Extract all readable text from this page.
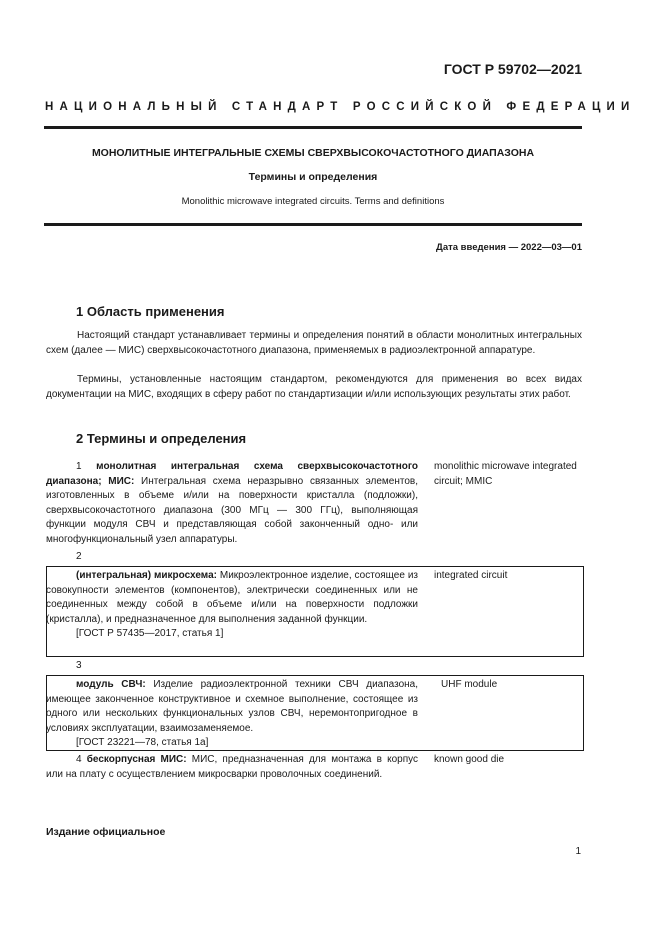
ГОСТ Р 59702—2021
НАЦИОНАЛЬНЫЙ СТАНДАРТ РОССИЙСКОЙ ФЕДЕРАЦИИ
МОНОЛИТНЫЕ ИНТЕГРАЛЬНЫЕ СХЕМЫ СВЕРХВЫСОКОЧАСТОТНОГО ДИАПАЗОНА
Термины и определения
Monolithic microwave integrated circuits. Terms and definitions
Дата введения — 2022—03—01
1 Область применения
Настоящий стандарт устанавливает термины и определения понятий в области монолитных интегральных схем (далее — МИС) сверхвысокочастотного диапазона, применяемых в радиоэлектронной аппаратуре.
Термины, установленные настоящим стандартом, рекомендуются для применения во всех видах документации на МИС, входящих в сферу работ по стандартизации и/или использующих результаты этих работ.
2 Термины и определения
1 монолитная интегральная схема сверхвысокочастотного диапазона; МИС: Интегральная схема неразрывно связанных элементов, изготовленных в объеме и/или на поверхности кристалла (подложки), сверхвысокочастотного диапазона (300 МГц — 300 ГГц), выполняющая функции модуля СВЧ и представляющая собой законченный одно- или многофункциональный узел аппаратуры.
monolithic microwave integrated circuit; MMIC
2
(интегральная) микросхема: Микроэлектронное изделие, состоящее из совокупности элементов (компонентов), электрически соединенных или не соединенных между собой в объеме и/или на поверхности подложки (кристалла), и предназначенное для выполнения заданной функции.
[ГОСТ Р 57435—2017, статья 1]
integrated circuit
3
модуль СВЧ: Изделие радиоэлектронной техники СВЧ диапазона, имеющее законченное конструктивное и схемное выполнение, состоящее из одного или нескольких функциональных узлов СВЧ, неремонтопригодное в условиях эксплуатации, взаимозаменяемое.
[ГОСТ 23221—78, статья 1а]
UHF module
4 бескорпусная МИС: МИС, предназначенная для монтажа в корпус или на плату с осуществлением микросварки проволочных соединений.
known good die
Издание официальное
1
